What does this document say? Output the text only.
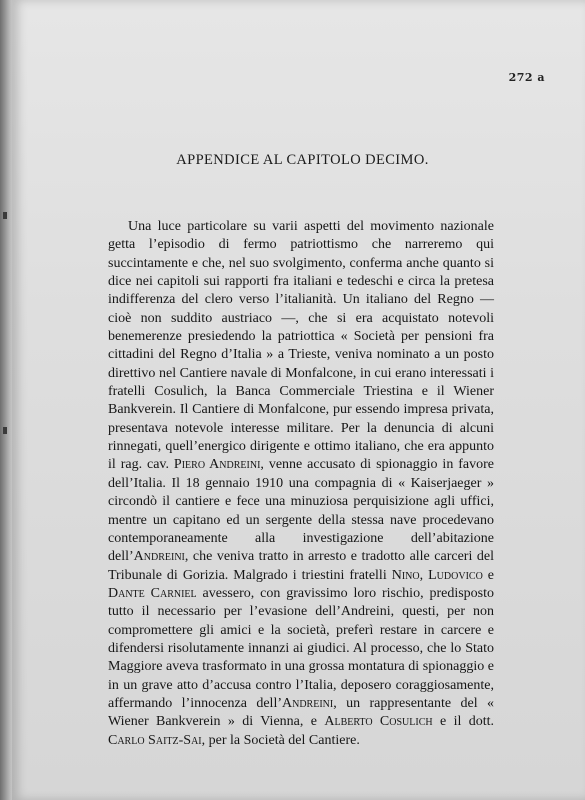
272 a
APPENDICE AL CAPITOLO DECIMO.

Una luce particolare su varii aspetti del movimento nazionale getta l’episodio di fermo patriottismo che narreremo qui succintamente e che, nel suo svolgimento, conferma anche quanto si dice nei capitoli sui rapporti fra italiani e tedeschi e circa la pretesa indifferenza del clero verso l’italianità. Un italiano del Regno — cioè non suddito austriaco —, che si era acquistato notevoli benemerenze presiedendo la patriottica « Società per pensioni fra cittadini del Regno d’Italia » a Trieste, veniva nominato a un posto direttivo nel Cantiere navale di Monfalcone, in cui erano interessati i fratelli Cosulich, la Banca Commerciale Triestina e il Wiener Bankverein. Il Cantiere di Monfalcone, pur essendo impresa privata, presentava notevole interesse militare. Per la denuncia di alcuni rinnegati, quell’energico dirigente e ottimo italiano, che era appunto il rag. cav. Piero Andreini, venne accusato di spionaggio in favore dell’Italia. Il 18 gennaio 1910 una compagnia di « Kaiserjaeger » circondò il cantiere e fece una minuziosa perquisizione agli uffici, mentre un capitano ed un sergente della stessa nave procedevano contemporaneamente alla investigazione dell’abitazione dell’Andreini, che veniva tratto in arresto e tradotto alle carceri del Tribunale di Gorizia. Malgrado i triestini fratelli Nino, Ludovico e Dante Carniel avessero, con gravissimo loro rischio, predisposto tutto il necessario per l’evasione dell’Andreini, questi, per non compromettere gli amici e la società, preferì restare in carcere e difendersi risolutamente innanzi ai giudici. Al processo, che lo Stato Maggiore aveva trasformato in una grossa montatura di spionaggio e in un grave atto d’accusa contro l’Italia, deposero coraggiosamente, affermando l’innocenza dell’Andreini, un rappresentante del « Wiener Bankverein » di Vienna, e Alberto Cosulich e il dott. Carlo Saitz-Sai, per la Società del Cantiere.
